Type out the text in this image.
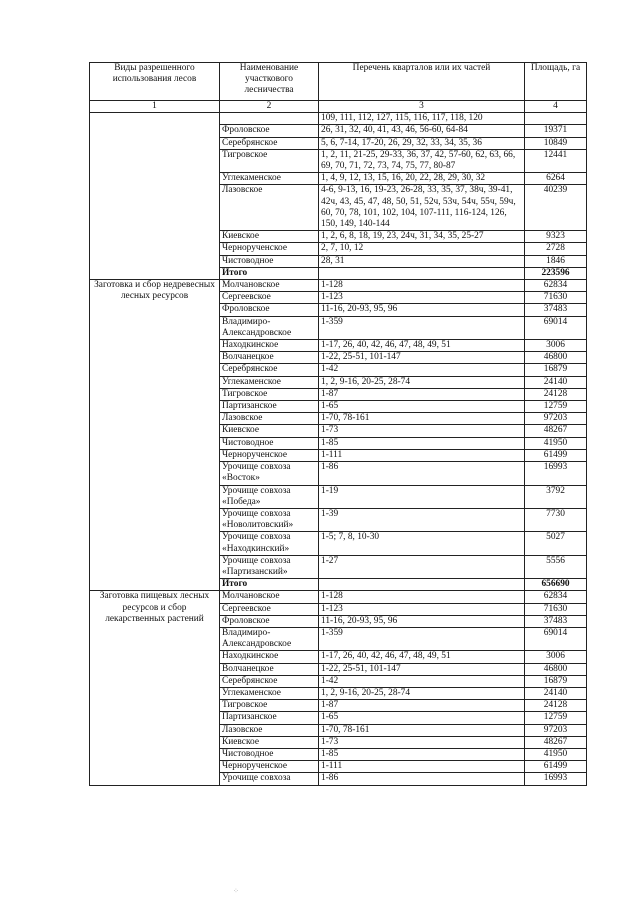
Виды разрешенного использования лесов	Наименование участкового лесничества	Перечень кварталов или их частей	Площадь, га
1	2	3	4
		109, 111, 112, 127, 115, 116, 117, 118, 120	
	Фроловское	26, 31, 32, 40, 41, 43, 46, 56-60, 64-84	19371
	Серебрянское	5, 6, 7-14, 17-20, 26, 29, 32, 33, 34, 35, 36	10849
	Тигровское	1, 2, 11, 21-25, 29-33, 36, 37, 42, 57-60, 62, 63, 66, 69, 70, 71, 72, 73, 74, 75, 77, 80-87	12441
	Углекаменское	1, 4, 9, 12, 13, 15, 16, 20, 22, 28, 29, 30, 32	6264
	Лазовское	4-6, 9-13, 16, 19-23, 26-28, 33, 35, 37, 38ч, 39-41, 42ч, 43, 45, 47, 48, 50, 51, 52ч, 53ч, 54ч, 55ч, 59ч, 60, 70, 78, 101, 102, 104, 107-111, 116-124, 126, 150, 149, 140-144	40239
	Киевское	1, 2, 6, 8, 18, 19, 23, 24ч, 31, 34, 35, 25-27	9323
	Чернорученское	2, 7, 10, 12	2728
	Чистоводное	28, 31	1846
	Итого		223596
Заготовка и сбор недревесных лесных ресурсов	Молчановское	1-128	62834
	Сергеевское	1-123	71630
	Фроловское	11-16, 20-93, 95, 96	37483
	Владимиро-Александровское	1-359	69014
	Находкинское	1-17, 26, 40, 42, 46, 47, 48, 49, 51	3006
	Волчанецкое	1-22, 25-51, 101-147	46800
	Серебрянское	1-42	16879
	Углекаменское	1, 2, 9-16, 20-25, 28-74	24140
	Тигровское	1-87	24128
	Партизанское	1-65	12759
	Лазовское	1-70, 78-161	97203
	Киевское	1-73	48267
	Чистоводное	1-85	41950
	Чернорученское	1-111	61499
	Урочище совхоза «Восток»	1-86	16993
	Урочище совхоза «Победа»	1-19	3792
	Урочище совхоза «Новолитовский»	1-39	7730
	Урочище совхоза «Находкинский»	1-5; 7, 8, 10-30	5027
	Урочище совхоза «Партизанский»	1-27	5556
	Итого		656690
Заготовка пищевых лесных ресурсов и сбор лекарственных растений	Молчановское	1-128	62834
	Сергеевское	1-123	71630
	Фроловское	11-16, 20-93, 95, 96	37483
	Владимиро-Александровское	1-359	69014
	Находкинское	1-17, 26, 40, 42, 46, 47, 48, 49, 51	3006
	Волчанецкое	1-22, 25-51, 101-147	46800
	Серебрянское	1-42	16879
	Углекаменское	1, 2, 9-16, 20-25, 28-74	24140
	Тигровское	1-87	24128
	Партизанское	1-65	12759
	Лазовское	1-70, 78-161	97203
	Киевское	1-73	48267
	Чистоводное	1-85	41950
	Чернорученское	1-111	61499
	Урочище совхоза	1-86	16993
⁘
